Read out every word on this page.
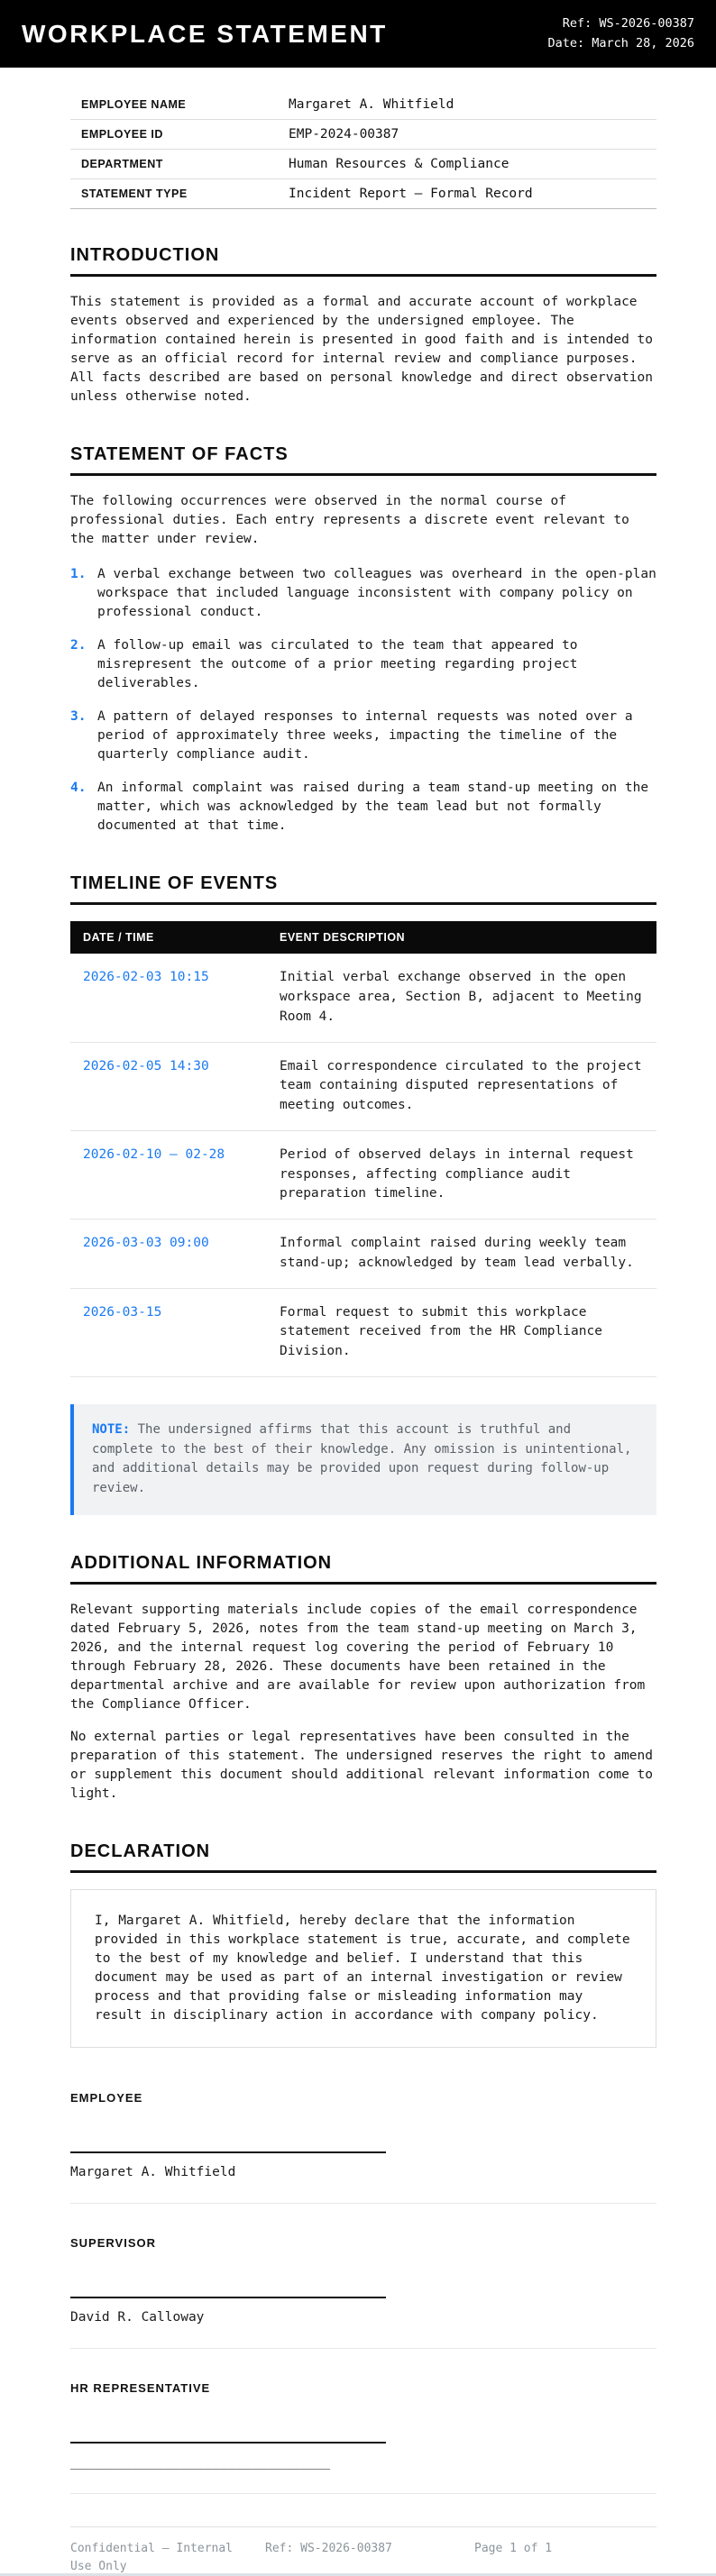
WORKPLACE STATEMENT	Ref: WS-2026-00387
Date: March 28, 2026
EMPLOYEE NAME	Margaret A. Whitfield
EMPLOYEE ID	EMP-2024-00387
DEPARTMENT	Human Resources & Compliance
STATEMENT TYPE	Incident Report — Formal Record
INTRODUCTION

This statement is provided as a formal and accurate account of workplace events observed and experienced by the undersigned employee. The information contained herein is presented in good faith and is intended to serve as an official record for internal review and compliance purposes. All facts described are based on personal knowledge and direct observation unless otherwise noted.

STATEMENT OF FACTS

The following occurrences were observed in the normal course of professional duties. Each entry represents a discrete event relevant to the matter under review.

1. A verbal exchange between two colleagues was overheard in the open-plan workspace that included language inconsistent with company policy on professional conduct.
2. A follow-up email was circulated to the team that appeared to misrepresent the outcome of a prior meeting regarding project deliverables.
3. A pattern of delayed responses to internal requests was noted over a period of approximately three weeks, impacting the timeline of the quarterly compliance audit.
4. An informal complaint was raised during a team stand-up meeting on the matter, which was acknowledged by the team lead but not formally documented at that time.
TIMELINE OF EVENTS
DATE / TIME	EVENT DESCRIPTION
2026-02-03 10:15	Initial verbal exchange observed in the open workspace area, Section B, adjacent to Meeting Room 4.
2026-02-05 14:30	Email correspondence circulated to the project team containing disputed representations of meeting outcomes.
2026-02-10 — 02-28	Period of observed delays in internal request responses, affecting compliance audit preparation timeline.
2026-03-03 09:00	Informal complaint raised during weekly team stand-up; acknowledged by team lead verbally.
2026-03-15	Formal request to submit this workplace statement received from the HR Compliance Division.
NOTE: The undersigned affirms that this account is truthful and complete to the best of their knowledge. Any omission is unintentional, and additional details may be provided upon request during follow-up review.
ADDITIONAL INFORMATION

Relevant supporting materials include copies of the email correspondence dated February 5, 2026, notes from the team stand-up meeting on March 3, 2026, and the internal request log covering the period of February 10 through February 28, 2026. These documents have been retained in the departmental archive and are available for review upon authorization from the Compliance Officer.

No external parties or legal representatives have been consulted in the preparation of this statement. The undersigned reserves the right to amend or supplement this document should additional relevant information come to light.

DECLARATION

I, Margaret A. Whitfield, hereby declare that the information provided in this workplace statement is true, accurate, and complete to the best of my knowledge and belief. I understand that this document may be used as part of an internal investigation or review process and that providing false or misleading information may result in disciplinary action in accordance with company policy.

EMPLOYEE
Margaret A. Whitfield
SUPERVISOR
David R. Calloway
HR REPRESENTATIVE
_________________________________
Confidential — Internal Use Only
Ref: WS-2026-00387	Page 1 of 1
